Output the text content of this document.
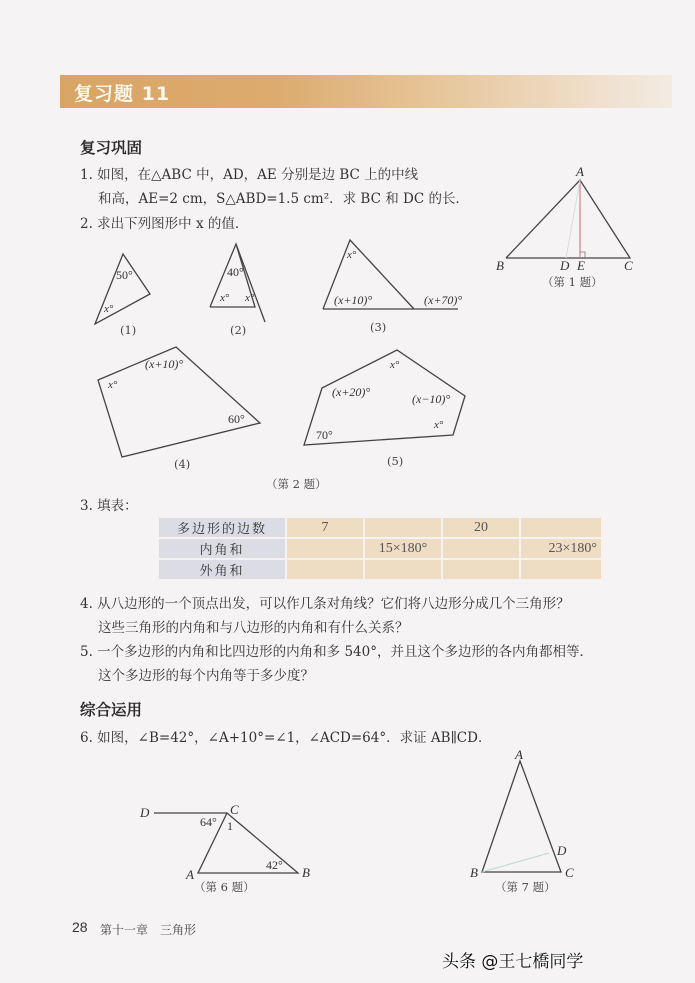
复习题 11
复习巩固
1. 如图，在△ABC 中，AD，AE 分别是边 BC 上的中线
和高，AE=2 cm，S△ABD=1.5 cm²．求 BC 和 DC 的长．
2. 求出下列图形中 x 的值．
A
B	D E	C
（第 1 题）
50°
x°
(1)
40°
x° x°
(2)
x°
(x+10)°	(x+70)°
(3)
x°
(x+10)°
60°
(4)
x°
(x+20)°	(x−10)°
70°
x°
(5)
（第 2 题）
3. 填表：
多边形的边数	7		20	
内角和		15×180°		23×180°
外角和				
4. 从八边形的一个顶点出发，可以作几条对角线？它们将八边形分成几个三角形？
这些三角形的内角和与八边形的内角和有什么关系？
5. 一个多边形的内角和比四边形的内角和多 540°，并且这个多边形的各内角都相等．
这个多边形的每个内角等于多少度？
综合运用
6. 如图，∠B=42°，∠A+10°=∠1，∠ACD=64°．求证 AB∥CD．
D	C
64° 1
42°
A	B
（第 6 题）
A
D
B	C
（第 7 题）
28 第十一章　三角形
头条 @王七橋同学
